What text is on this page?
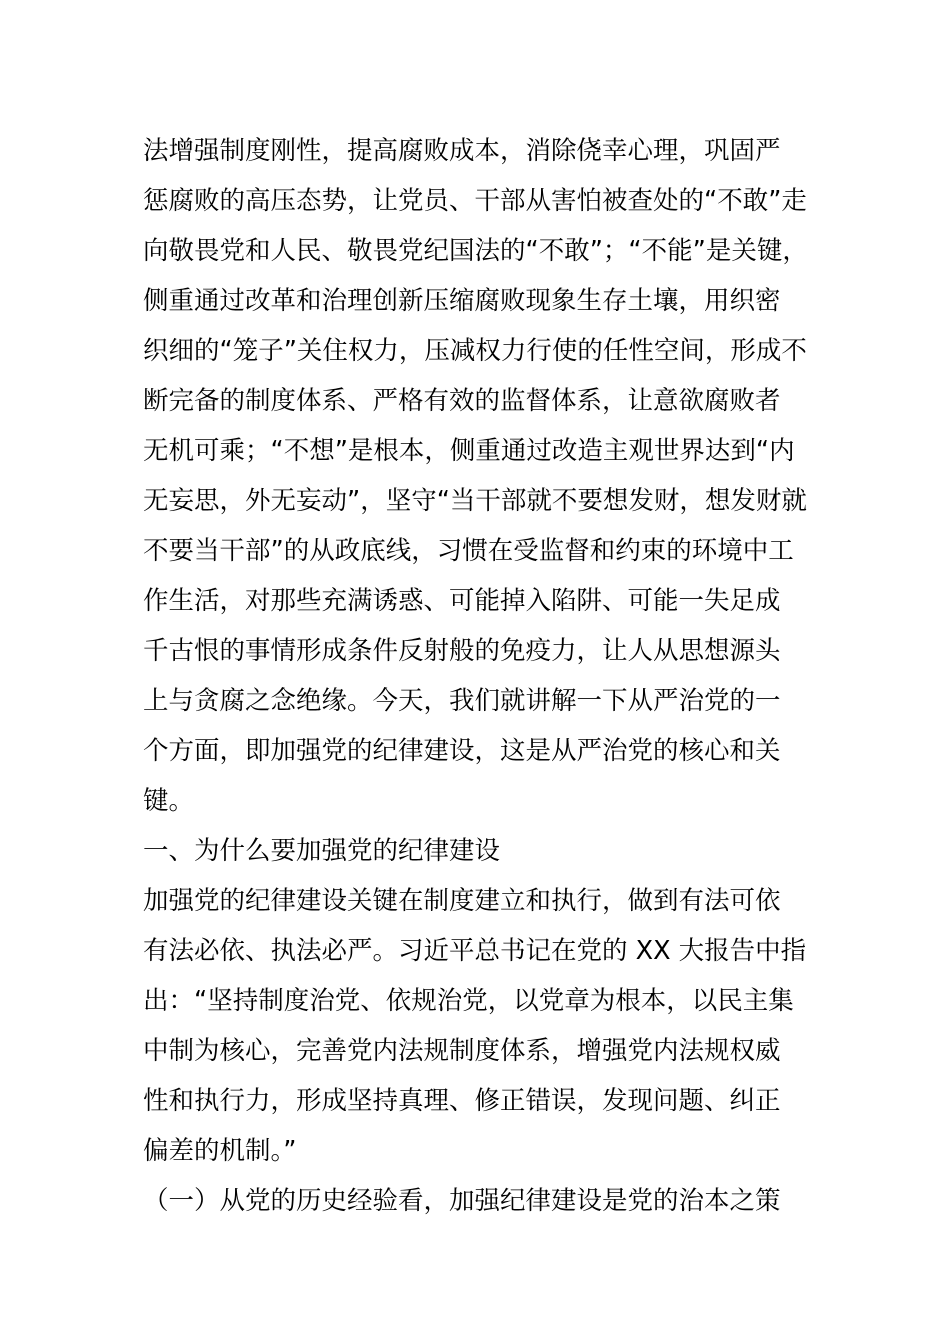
法增强制度刚性，提高腐败成本，消除侥幸心理，巩固严
惩腐败的高压态势，让党员、干部从害怕被查处的“不敢”走
向敬畏党和人民、敬畏党纪国法的“不敢”；“不能”是关键，
侧重通过改革和治理创新压缩腐败现象生存土壤，用织密
织细的“笼子”关住权力，压减权力行使的任性空间，形成不
断完备的制度体系、严格有效的监督体系，让意欲腐败者
无机可乘；“不想”是根本，侧重通过改造主观世界达到“内
无妄思，外无妄动”，坚守“当干部就不要想发财，想发财就
不要当干部”的从政底线，习惯在受监督和约束的环境中工
作生活，对那些充满诱惑、可能掉入陷阱、可能一失足成
千古恨的事情形成条件反射般的免疫力，让人从思想源头
上与贪腐之念绝缘。今天，我们就讲解一下从严治党的一
个方面，即加强党的纪律建设，这是从严治党的核心和关
键。
一、为什么要加强党的纪律建设
加强党的纪律建设关键在制度建立和执行，做到有法可依
有法必依、执法必严。习近平总书记在党的 XX 大报告中指
出：“坚持制度治党、依规治党，以党章为根本，以民主集
中制为核心，完善党内法规制度体系，增强党内法规权威
性和执行力，形成坚持真理、修正错误，发现问题、纠正
偏差的机制。”
（一）从党的历史经验看，加强纪律建设是党的治本之策
